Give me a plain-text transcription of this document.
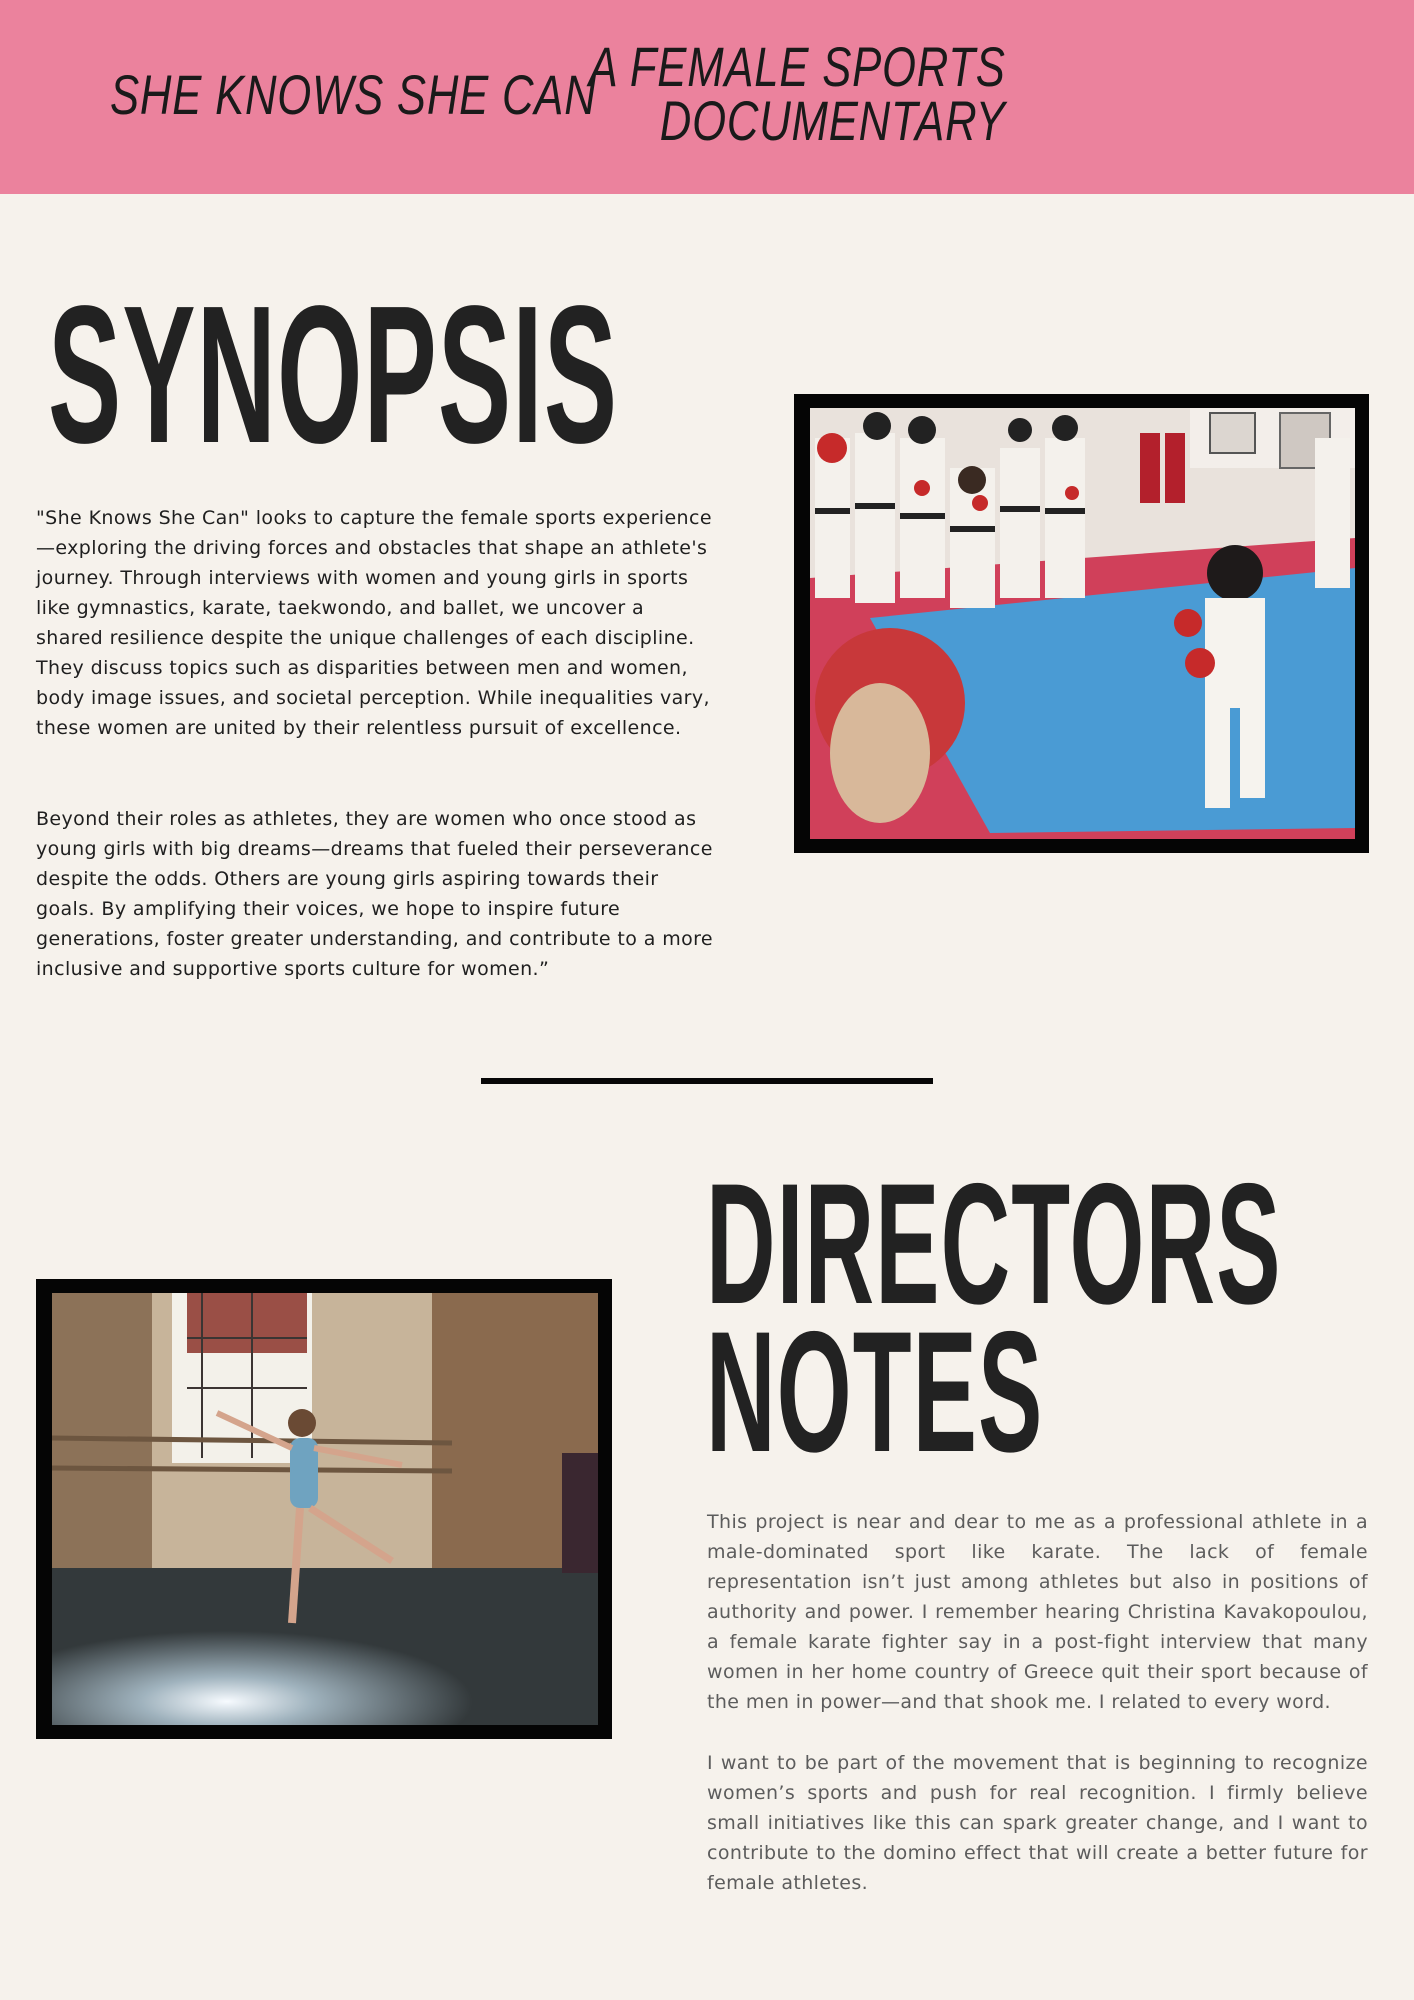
SHE KNOWS SHE CAN
A FEMALE SPORTS
DOCUMENTARY
SYNOPSIS

"She Knows She Can" looks to capture the female sports experience—exploring the driving forces and obstacles that shape an athlete's journey. Through interviews with women and young girls in sports like gymnastics, karate, taekwondo, and ballet, we uncover a shared resilience despite the unique challenges of each discipline. They discuss topics such as disparities between men and women, body image issues, and societal perception. While inequalities vary, these women are united by their relentless pursuit of excellence.

Beyond their roles as athletes, they are women who once stood as young girls with big dreams—dreams that fueled their perseverance despite the odds. Others are young girls aspiring towards their goals. By amplifying their voices, we hope to inspire future generations, foster greater understanding, and contribute to a more inclusive and supportive sports culture for women.”

DIRECTORS
NOTES

This project is near and dear to me as a professional athlete in a male-dominated sport like karate. The lack of female representation isn’t just among athletes but also in positions of authority and power. I remember hearing Christina Kavakopoulou, a female karate fighter say in a post-fight interview that many women in her home country of Greece quit their sport because of the men in power—and that shook me. I related to every word.

I want to be part of the movement that is beginning to recognize women’s sports and push for real recognition. I firmly believe small initiatives like this can spark greater change, and I want to contribute to the domino effect that will create a better future for female athletes.
